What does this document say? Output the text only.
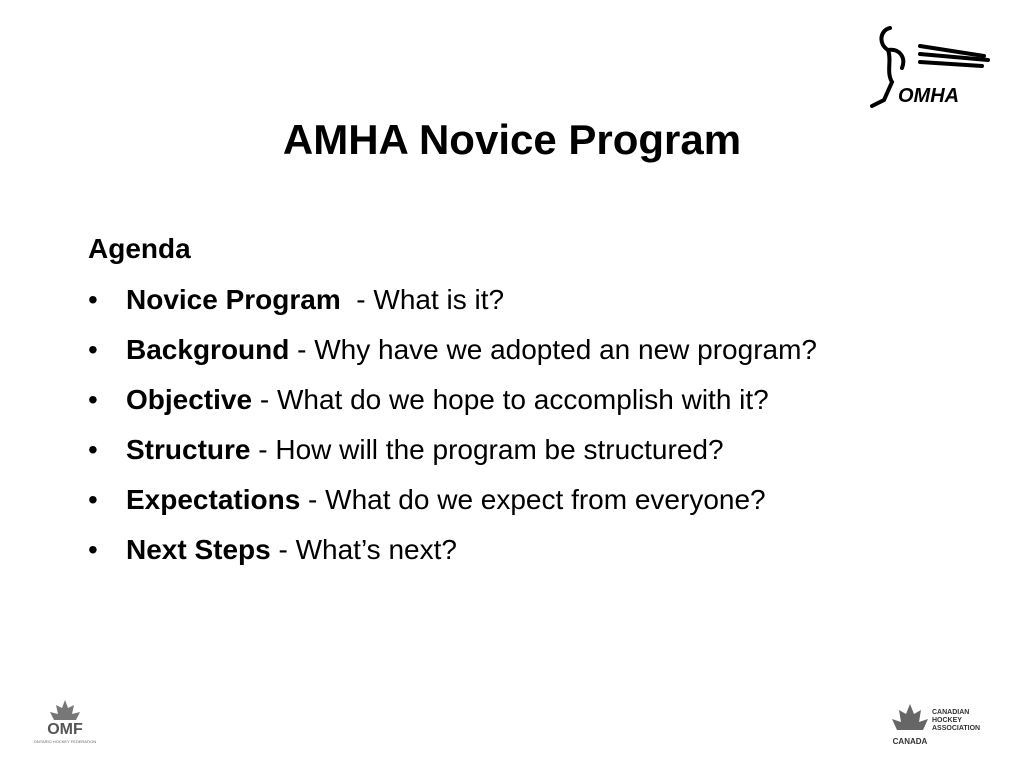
OMHA
AMHA Novice Program

Agenda

• Novice Program  - What is it?
• Background - Why have we adopted an new program?
• Objective - What do we hope to accomplish with it?
• Structure - How will the program be structured?
• Expectations - What do we expect from everyone?
• Next Steps - What’s next?
OMF
ONTARIO HOCKEY FEDERATION
CANADIAN
HOCKEY
ASSOCIATION
CANADA
